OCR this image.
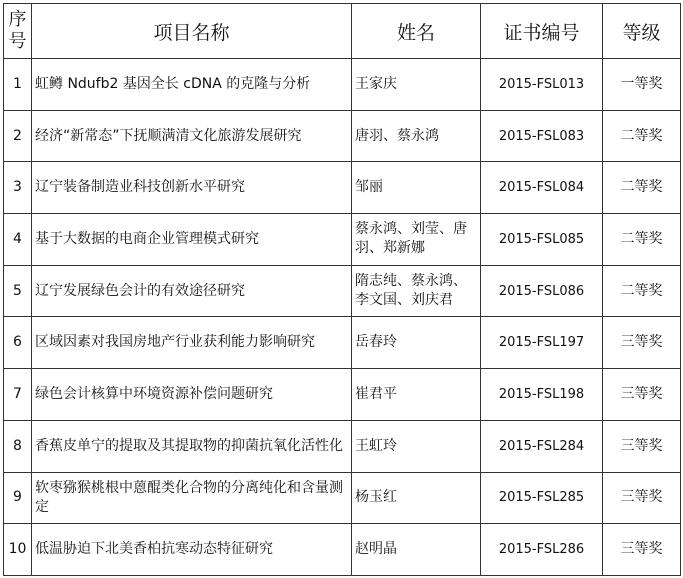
序号	项目名称	姓名	证书编号	等级
1	虹鳟 Ndufb2 基因全长 cDNA 的克隆与分析	王家庆	2015-FSL013	一等奖
2	经济“新常态”下抚顺满清文化旅游发展研究	唐羽、蔡永鸿	2015-FSL083	二等奖
3	辽宁装备制造业科技创新水平研究	邹丽	2015-FSL084	二等奖
4	基于大数据的电商企业管理模式研究	蔡永鸿、刘莹、唐羽、郑新娜	2015-FSL085	二等奖
5	辽宁发展绿色会计的有效途径研究	隋志纯、蔡永鸿、李文国、刘庆君	2015-FSL086	二等奖
6	区域因素对我国房地产行业获利能力影响研究	岳春玲	2015-FSL197	三等奖
7	绿色会计核算中环境资源补偿问题研究	崔君平	2015-FSL198	三等奖
8	香蕉皮单宁的提取及其提取物的抑菌抗氧化活性化	王虹玲	2015-FSL284	三等奖
9	软枣猕猴桃根中蒽醌类化合物的分离纯化和含量测定	杨玉红	2015-FSL285	三等奖
10	低温胁迫下北美香柏抗寒动态特征研究	赵明晶	2015-FSL286	三等奖
